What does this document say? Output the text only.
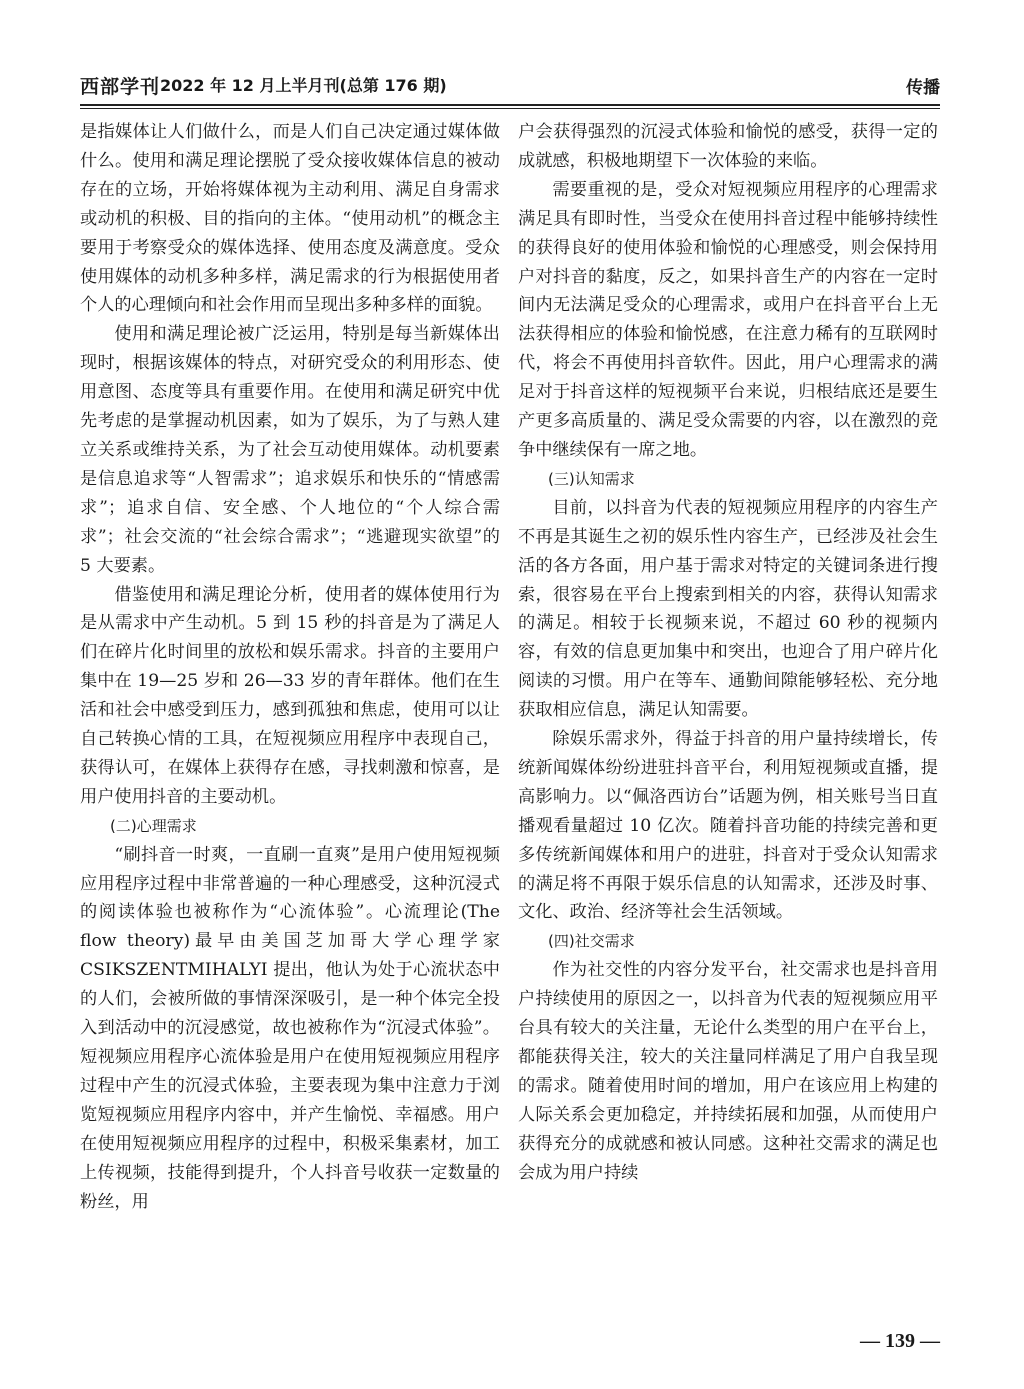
西部学刊 2022 年 12 月上半月刊(总第 176 期)	传播

是指媒体让人们做什么，而是人们自己决定通过媒体做什么。使用和满足理论摆脱了受众接收媒体信息的被动存在的立场，开始将媒体视为主动利用、满足自身需求或动机的积极、目的指向的主体。“使用动机”的概念主要用于考察受众的媒体选择、使用态度及满意度。受众使用媒体的动机多种多样，满足需求的行为根据使用者个人的心理倾向和社会作用而呈现出多种多样的面貌。

使用和满足理论被广泛运用，特别是每当新媒体出现时，根据该媒体的特点，对研究受众的利用形态、使用意图、态度等具有重要作用。在使用和满足研究中优先考虑的是掌握动机因素，如为了娱乐，为了与熟人建立关系或维持关系，为了社会互动使用媒体。动机要素是信息追求等“人智需求”；追求娱乐和快乐的“情感需求”；追求自信、安全感、个人地位的“个人综合需求”；社会交流的“社会综合需求”；“逃避现实欲望”的 5 大要素。

借鉴使用和满足理论分析，使用者的媒体使用行为是从需求中产生动机。5 到 15 秒的抖音是为了满足人们在碎片化时间里的放松和娱乐需求。抖音的主要用户集中在 19—25 岁和 26—33 岁的青年群体。他们在生活和社会中感受到压力，感到孤独和焦虑，使用可以让自己转换心情的工具，在短视频应用程序中表现自己，获得认可，在媒体上获得存在感，寻找刺激和惊喜，是用户使用抖音的主要动机。

(二)心理需求

“刷抖音一时爽，一直刷一直爽”是用户使用短视频应用程序过程中非常普遍的一种心理感受，这种沉浸式的阅读体验也被称作为“心流体验”。心流理论(The flow theory)最早由美国芝加哥大学心理学家 CSIKSZENTMIHALYI 提出，他认为处于心流状态中的人们，会被所做的事情深深吸引，是一种个体完全投入到活动中的沉浸感觉，故也被称作为“沉浸式体验”。短视频应用程序心流体验是用户在使用短视频应用程序过程中产生的沉浸式体验，主要表现为集中注意力于浏览短视频应用程序内容中，并产生愉悦、幸福感。用户在使用短视频应用程序的过程中，积极采集素材，加工上传视频，技能得到提升，个人抖音号收获一定数量的粉丝，用

户会获得强烈的沉浸式体验和愉悦的感受，获得一定的成就感，积极地期望下一次体验的来临。

需要重视的是，受众对短视频应用程序的心理需求满足具有即时性，当受众在使用抖音过程中能够持续性的获得良好的使用体验和愉悦的心理感受，则会保持用户对抖音的黏度，反之，如果抖音生产的内容在一定时间内无法满足受众的心理需求，或用户在抖音平台上无法获得相应的体验和愉悦感，在注意力稀有的互联网时代，将会不再使用抖音软件。因此，用户心理需求的满足对于抖音这样的短视频平台来说，归根结底还是要生产更多高质量的、满足受众需要的内容，以在激烈的竞争中继续保有一席之地。

(三)认知需求

目前，以抖音为代表的短视频应用程序的内容生产不再是其诞生之初的娱乐性内容生产，已经涉及社会生活的各方各面，用户基于需求对特定的关键词条进行搜索，很容易在平台上搜索到相关的内容，获得认知需求的满足。相较于长视频来说，不超过 60 秒的视频内容，有效的信息更加集中和突出，也迎合了用户碎片化阅读的习惯。用户在等车、通勤间隙能够轻松、充分地获取相应信息，满足认知需要。

除娱乐需求外，得益于抖音的用户量持续增长，传统新闻媒体纷纷进驻抖音平台，利用短视频或直播，提高影响力。以“佩洛西访台”话题为例，相关账号当日直播观看量超过 10 亿次。随着抖音功能的持续完善和更多传统新闻媒体和用户的进驻，抖音对于受众认知需求的满足将不再限于娱乐信息的认知需求，还涉及时事、文化、政治、经济等社会生活领域。

(四)社交需求

作为社交性的内容分发平台，社交需求也是抖音用户持续使用的原因之一，以抖音为代表的短视频应用平台具有较大的关注量，无论什么类型的用户在平台上，都能获得关注，较大的关注量同样满足了用户自我呈现的需求。随着使用时间的增加，用户在该应用上构建的人际关系会更加稳定，并持续拓展和加强，从而使用户获得充分的成就感和被认同感。这种社交需求的满足也会成为用户持续

— 139 —
